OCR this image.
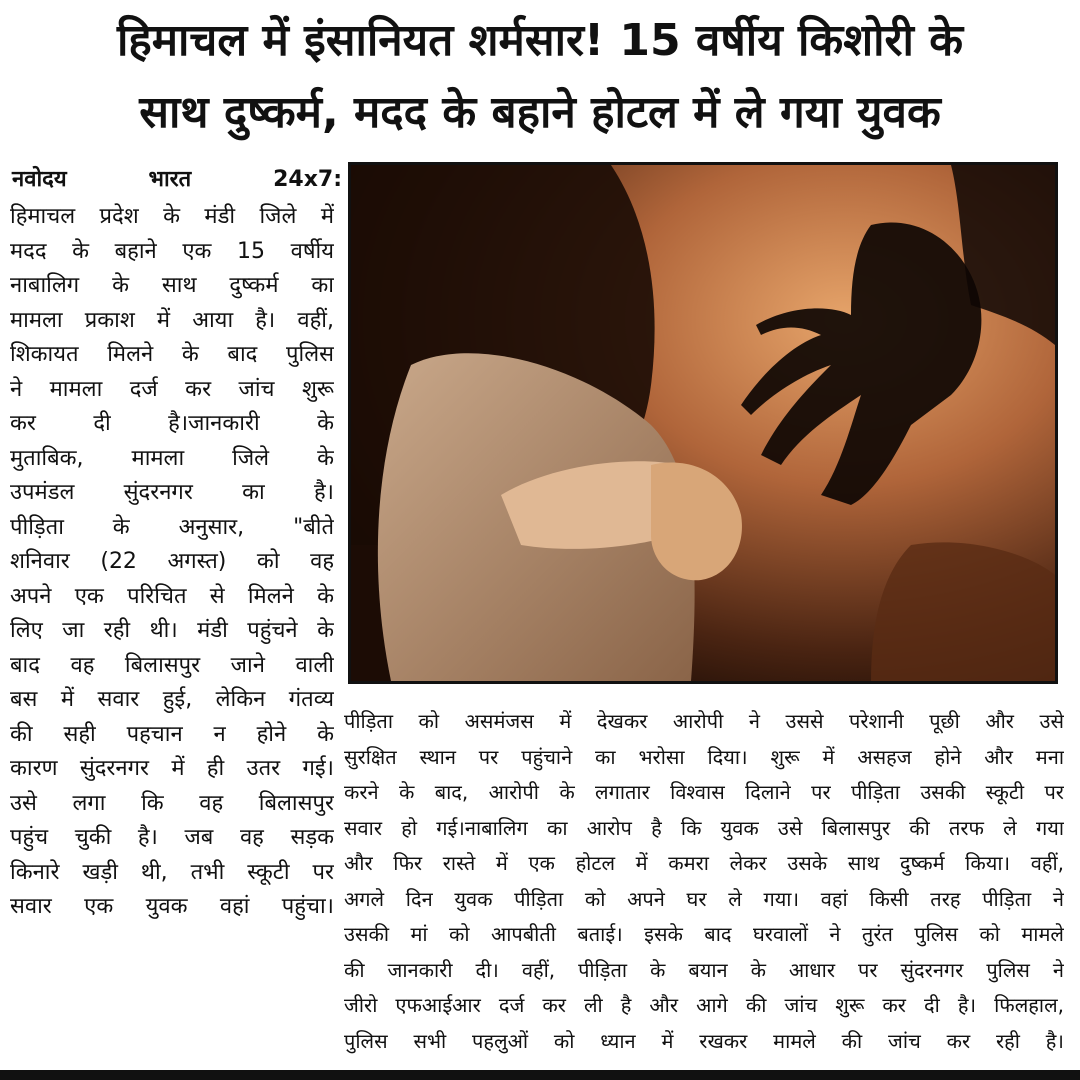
हिमाचल में इंसानियत शर्मसार! 15 वर्षीय किशोरी के
साथ दुष्कर्म, मदद के बहाने होटल में ले गया युवक
नवोदय	भारत	24x7:
हिमाचल प्रदेश के मंडी जिले में
मदद के बहाने एक 15 वर्षीय
नाबालिग के साथ दुष्कर्म का
मामला प्रकाश में आया है। वहीं,
शिकायत मिलने के बाद पुलिस
ने मामला दर्ज कर जांच शुरू
कर दी है।जानकारी के
मुताबिक, मामला जिले के
उपमंडल सुंदरनगर का है।
पीड़िता के अनुसार, "बीते
शनिवार (22 अगस्त) को वह
अपने एक परिचित से मिलने के
लिए जा रही थी। मंडी पहुंचने के
बाद वह बिलासपुर जाने वाली
बस में सवार हुई, लेकिन गंतव्य
की सही पहचान न होने के
कारण सुंदरनगर में ही उतर गई।
उसे लगा कि वह बिलासपुर
पहुंच चुकी है। जब वह सड़क
किनारे खड़ी थी, तभी स्कूटी पर
सवार एक युवक वहां पहुंचा।
पीड़िता को असमंजस में देखकर आरोपी ने उससे परेशानी पूछी और उसे
सुरक्षित स्थान पर पहुंचाने का भरोसा दिया। शुरू में असहज होने और मना
करने के बाद, आरोपी के लगातार विश्वास दिलाने पर पीड़िता उसकी स्कूटी पर
सवार हो गई।नाबालिग का आरोप है कि युवक उसे बिलासपुर की तरफ ले गया
और फिर रास्ते में एक होटल में कमरा लेकर उसके साथ दुष्कर्म किया। वहीं,
अगले दिन युवक पीड़िता को अपने घर ले गया। वहां किसी तरह पीड़िता ने
उसकी मां को आपबीती बताई। इसके बाद घरवालों ने तुरंत पुलिस को मामले
की जानकारी दी। वहीं, पीड़िता के बयान के आधार पर सुंदरनगर पुलिस ने
जीरो एफआईआर दर्ज कर ली है और आगे की जांच शुरू कर दी है। फिलहाल,
पुलिस सभी पहलुओं को ध्यान में रखकर मामले की जांच कर रही है।
